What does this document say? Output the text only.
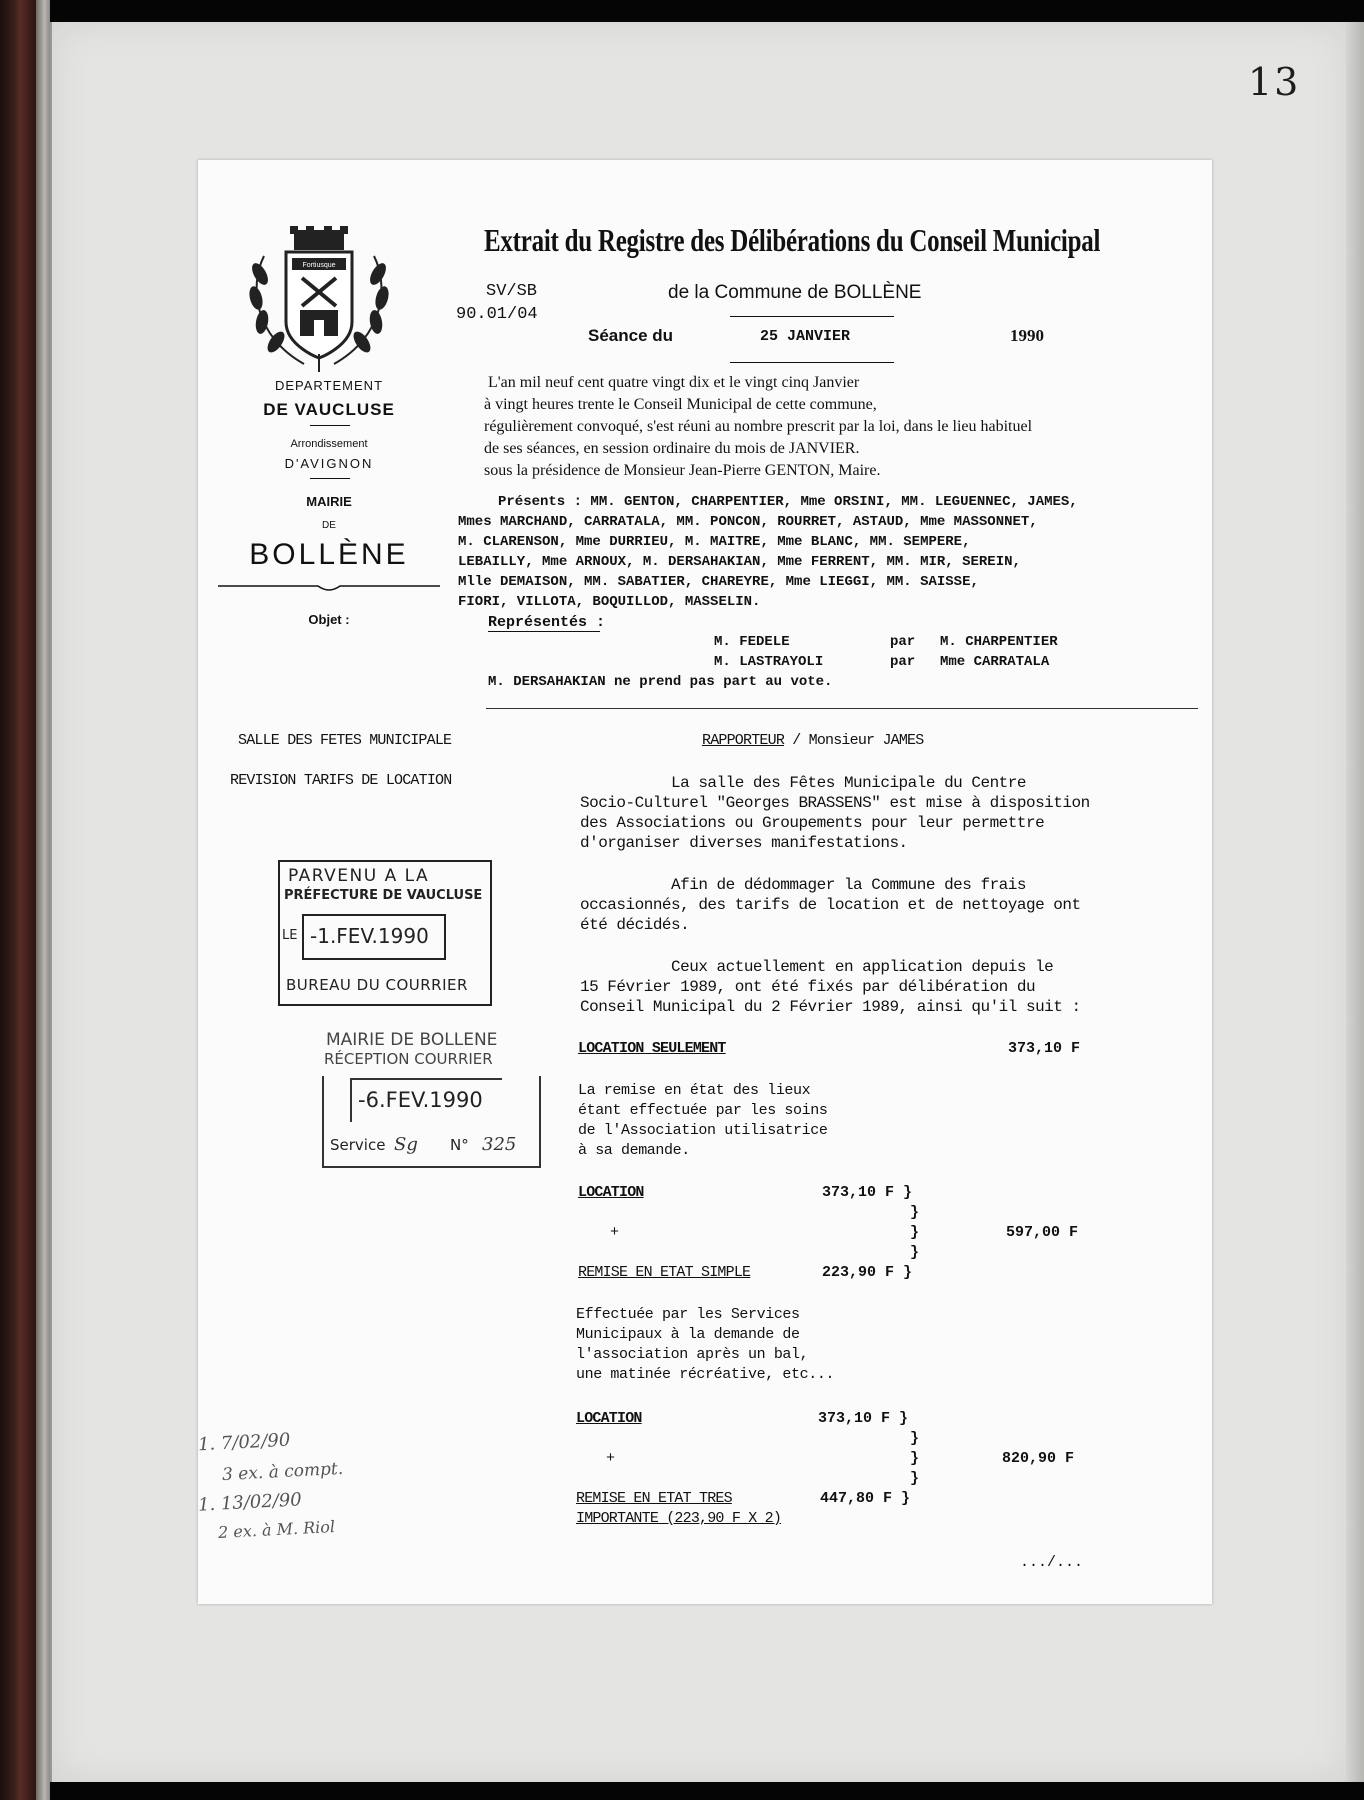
13
Fortiusque
DEPARTEMENT
DE VAUCLUSE
Arrondissement
D'AVIGNON
MAIRIE
DE
BOLLÈNE
Objet :
Extrait du Registre des Délibérations du Conseil Municipal
SV/SB
90.01/04
de la Commune de BOLLÈNE
Séance du	25 JANVIER	1990
L'an mil neuf cent quatre vingt dix et le vingt cinq Janvier
à vingt heures trente le Conseil Municipal de cette commune,
régulièrement convoqué, s'est réuni au nombre prescrit par la loi, dans le lieu habituel
de ses séances, en session ordinaire du mois de JANVIER.
sous la présidence de Monsieur Jean-Pierre GENTON, Maire.
Présents : MM. GENTON, CHARPENTIER, Mme ORSINI, MM. LEGUENNEC, JAMES,
Mmes MARCHAND, CARRATALA, MM. PONCON, ROURRET, ASTAUD, Mme MASSONNET,
M. CLARENSON, Mme DURRIEU, M. MAITRE, Mme BLANC, MM. SEMPERE,
LEBAILLY, Mme ARNOUX, M. DERSAHAKIAN, Mme FERRENT, MM. MIR, SEREIN,
Mlle DEMAISON, MM. SABATIER, CHAREYRE, Mme LIEGGI, MM. SAISSE,
FIORI, VILLOTA, BOQUILLOD, MASSELIN.
Représentés :
M. FEDELE	par M. CHARPENTIER
M. LASTRAYOLI	par Mme CARRATALA
M. DERSAHAKIAN ne prend pas part au vote.
SALLE DES FETES MUNICIPALE
REVISION TARIFS DE LOCATION
RAPPORTEUR / Monsieur JAMES
La salle des Fêtes Municipale du Centre
Socio-Culturel "Georges BRASSENS" est mise à disposition
des Associations ou Groupements pour leur permettre
d'organiser diverses manifestations.
Afin de dédommager la Commune des frais
occasionnés, des tarifs de location et de nettoyage ont
été décidés.
Ceux actuellement en application depuis le
15 Février 1989, ont été fixés par délibération du
Conseil Municipal du 2 Février 1989, ainsi qu'il suit :
LOCATION SEULEMENT	373,10 F
La remise en état des lieux
étant effectuée par les soins
de l'Association utilisatrice
à sa demande.
LOCATION	373,10 F }
}
+	}	597,00 F
}
REMISE EN ETAT SIMPLE	223,90 F }
Effectuée par les Services
Municipaux à la demande de
l'association après un bal,
une matinée récréative, etc...
LOCATION	373,10 F }
}
+	}	820,90 F
}
REMISE EN ETAT TRES	447,80 F }
IMPORTANTE (223,90 F X 2)
.../...
PARVENU A LA
PRÉFECTURE DE VAUCLUSE
LE -1.FEV.1990
BUREAU DU COURRIER
MAIRIE DE BOLLENE
RÉCEPTION COURRIER
-6.FEV.1990
Service Sg N° 325
1. 7/02/90
3 ex. à compt.
1. 13/02/90
2 ex. à M. Riol
